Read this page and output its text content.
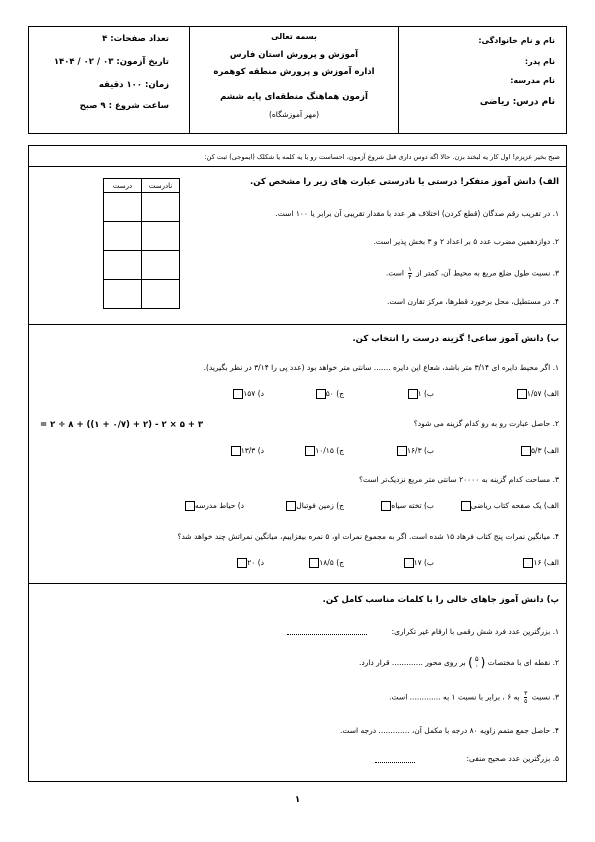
نام و نام خانوادگی:
نام پدر:
نام مدرسه:
نام درس: ریاضی
بسمه تعالی
آموزش و پرورش استان فارس
اداره آموزش و پرورش منطقه کوهمره
آزمون هماهنگ منطقه‌ای پایه ششم
(مهر آموزشگاه)
تعداد صفحات: ۴
تاریخ آزمون: ۰۳ / ۰۲ / ۱۴۰۴
زمان: ۱۰۰ دقیقه
ساعت شروع : ۹ صبح
صبح بخیر عزیزم! اول کار یه لبخند بزن. حالا اگه دوس داری قبل شروع آزمون، احساست رو با یه کلمه یا شکلک (ایموجی) ثبت کن:
الف) دانش آموز متفکر! درستی یا نادرستی عبارت های زیر را مشخص کن.
نادرست	درست

۱. در تقریب رقم صدگان (قطع کردن) اختلاف هر عدد با مقدار تقریبی آن برابر یا ۱۰۰ است.
۲. دوازدهمین مضرب عدد ۵ بر اعداد ۲ و ۳ بخش پذیر است.
۳. نسبت طول ضلع مربع به محیط آن، کمتر از
$\frac{۱}{۴}$
است.
۴. در مستطیل، محل برخورد قطرها، مرکز تقارن است.
ب) دانش آموز ساعی! گزینه درست را انتخاب کن.
۱. اگر محیط دایره ای ۳/۱۴ متر باشد، شعاع این دایره ....... سانتی متر خواهد بود (عدد پی را ۳/۱۴ در نظر بگیرید).
الف) ۱/۵۷
ب) ۱
ج) ۵۰
د) ۱۵۷
۲. حاصل عبارت رو به رو کدام گزینه می شود؟
= ۲ ÷ ۸ + ((۱ + ۰/۷) + ۲) - ۲ × ۵ + ۳
الف) ۵/۳
ب) ۱۶/۳
ج) ۱۰/۱۵
د) ۱۳/۳
۳. مساحت کدام گزینه به ۲۰۰۰۰ سانتی متر مربع نزدیک‌تر است؟
الف) یک صفحه کتاب ریاضی
ب) تخته سیاه
ج) زمین فوتبال
د) حیاط مدرسه
۴. میانگین نمرات پنج کتاب فرهاد ۱۵ شده است. اگر به مجموع نمرات او، ۵ نمره بیفزاییم، میانگین نمراتش چند خواهد شد؟
الف) ۱۶
ب) ۱۷
ج) ۱۸/۵
د) ۲۰
پ) دانش آموز جاهای خالی را با کلمات مناسب کامل کن.
۱. بزرگترین عدد فرد شش رقمی با ارقام غیر تکراری:
۲. نقطه ای با مختصات (
۵
۰
) بر روی محور ............. قرار دارد.
۳. نسبت
$\frac{۳}{۵}$
به ۶ ، برابر با نسبت ۱ به ............. است.
۴. حاصل جمع متمم زاویه ۸۰ درجه با مکمل آن، ............. درجه است.
۵. بزرگترین عدد صحیح منفی:
۱
